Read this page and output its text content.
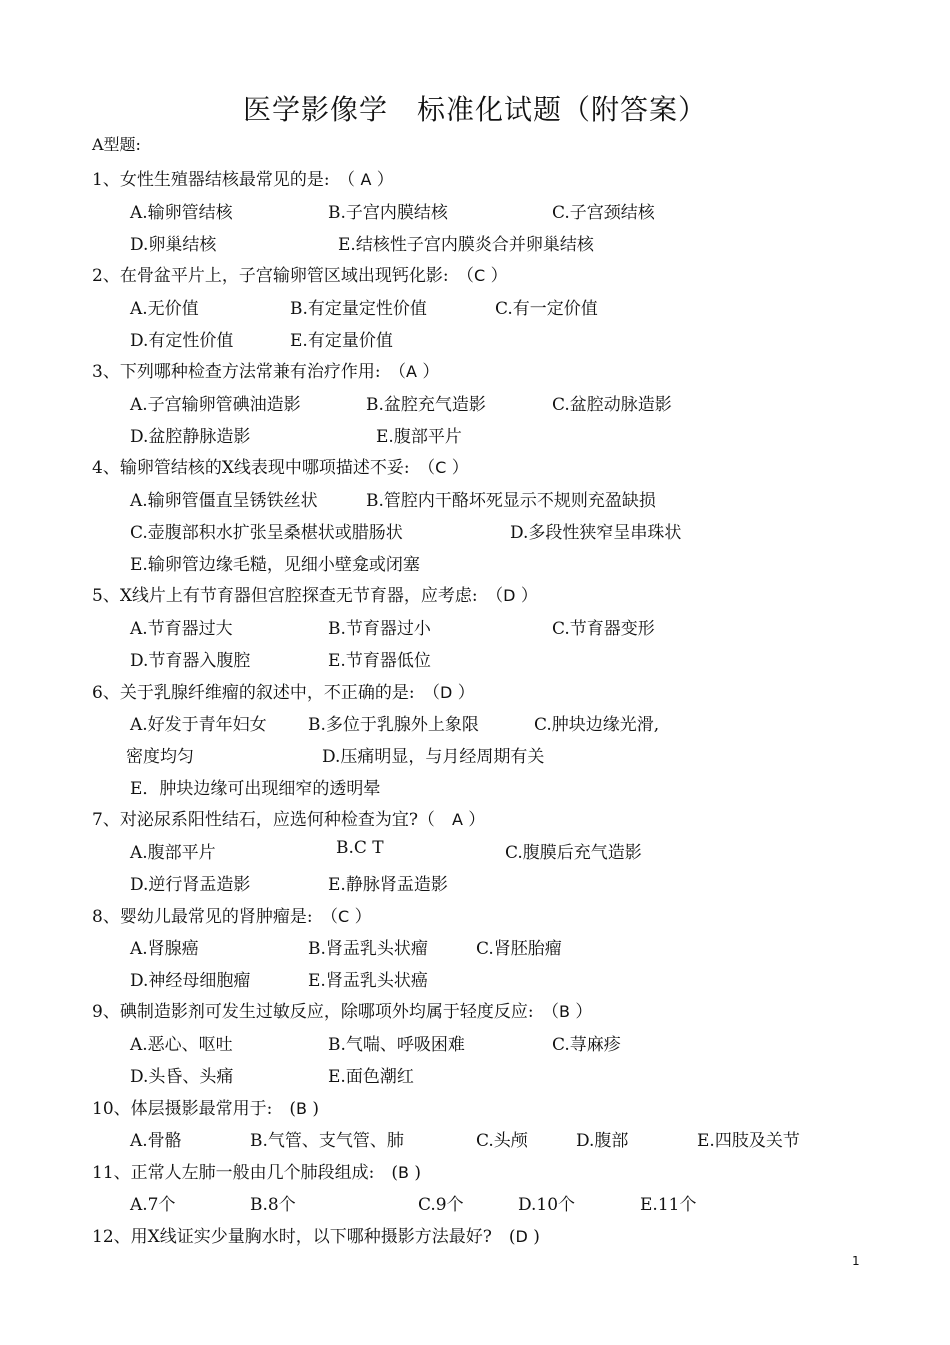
医学影像学　标准化试题（附答案）
A型题:
1、女性生殖器结核最常见的是:　（ A ）
A.输卵管结核	B.子宫内膜结核	C.子宫颈结核
D.卵巢结核	E.结核性子宫内膜炎合并卵巢结核
2、在骨盆平片上，子宫输卵管区域出现钙化影:　（C ）
A.无价值	B.有定量定性价值	C.有一定价值
D.有定性价值	E.有定量价值
3、下列哪种检查方法常兼有治疗作用:　（A ）
A.子宫输卵管碘油造影	B.盆腔充气造影	C.盆腔动脉造影
D.盆腔静脉造影	E.腹部平片
4、输卵管结核的X线表现中哪项描述不妥:　（C ）
A.输卵管僵直呈锈铁丝状	B.管腔内干酪坏死显示不规则充盈缺损
C.壶腹部积水扩张呈桑椹状或腊肠状	D.多段性狭窄呈串珠状
E.输卵管边缘毛糙，见细小壁龛或闭塞
5、X线片上有节育器但宫腔探查无节育器，应考虑:　（D ）
A.节育器过大	B.节育器过小	C.节育器变形
D.节育器入腹腔	E.节育器低位
6、关于乳腺纤维瘤的叙述中，不正确的是:　（D ）
A.好发于青年妇女 B.多位于乳腺外上象限	C.肿块边缘光滑,
密度均匀	D.压痛明显，与月经周期有关
E．肿块边缘可出现细窄的透明晕
7、对泌尿系阳性结石，应选何种检查为宜?（　A ）
A.腹部平片	B.C T	C.腹膜后充气造影
D.逆行肾盂造影	E.静脉肾盂造影
8、婴幼儿最常见的肾肿瘤是:　（C ）
A.肾腺癌	B.肾盂乳头状瘤	C.肾胚胎瘤
D.神经母细胞瘤	E.肾盂乳头状癌
9、碘制造影剂可发生过敏反应，除哪项外均属于轻度反应:　（B ）
A.恶心、呕吐	B.气喘、呼吸困难	C.荨麻疹
D.头昏、头痛	E.面色潮红
10、体层摄影最常用于:　(B )
A.骨骼	B.气管、支气管、肺	C.头颅	D.腹部	E.四肢及关节
11、正常人左肺一般由几个肺段组成:　(B )
A.7个	B.8个	C.9个	D.10个	E.11个
12、用X线证实少量胸水时，以下哪种摄影方法最好?　(D )
1
